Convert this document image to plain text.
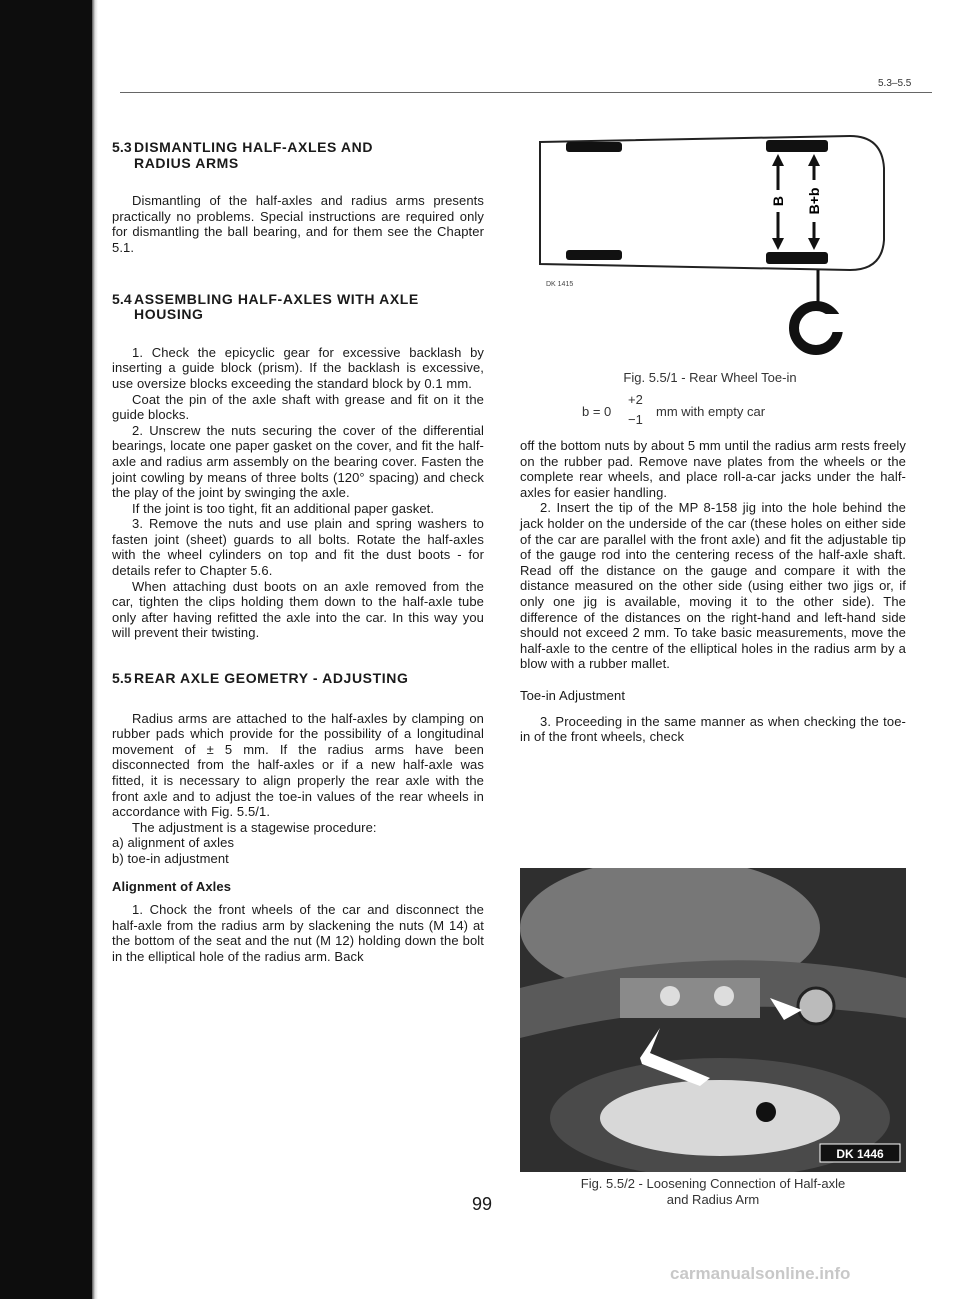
5.3–5.5
5.3 DISMANTLING HALF-AXLES AND
RADIUS ARMS

Dismantling of the half-axles and radius arms presents practically no problems. Special instructions are required only for dismantling the ball bearing, and for them see the Chapter 5.1.

5.4 ASSEMBLING HALF-AXLES WITH AXLE
HOUSING

1. Check the epicyclic gear for excessive backlash by inserting a guide block (prism). If the backlash is excessive, use oversize blocks exceeding the standard block by 0.1 mm.

Coat the pin of the axle shaft with grease and fit on it the guide blocks.

2. Unscrew the nuts securing the cover of the differential bearings, locate one paper gasket on the cover, and fit the half-axle and radius arm assembly on the bearing cover. Fasten the joint cowling by means of three bolts (120° spacing) and check the play of the joint by swinging the axle.

If the joint is too tight, fit an additional paper gasket.

3. Remove the nuts and use plain and spring washers to fasten joint (sheet) guards to all bolts. Rotate the half-axles with the wheel cylinders on top and fit the dust boots - for details refer to Chapter 5.6.

When attaching dust boots on an axle removed from the car, tighten the clips holding them down to the half-axle tube only after having refitted the axle into the car. In this way you will prevent their twisting.

5.5 REAR AXLE GEOMETRY - ADJUSTING

Radius arms are attached to the half-axles by clamping on rubber pads which provide for the possibility of a longitudinal movement of ± 5 mm. If the radius arms have been disconnected from the half-axles or if a new half-axle was fitted, it is necessary to align properly the rear axle with the front axle and to adjust the toe-in values of the rear wheels in accordance with Fig. 5.5/1.

The adjustment is a stagewise procedure:

a) alignment of axles

b) toe-in adjustment

Alignment of Axles

1. Chock the front wheels of the car and disconnect the half-axle from the radius arm by slackening the nuts (M 14) at the bottom of the seat and the nut (M 12) holding down the bolt in the elliptical hole of the radius arm. Back

B B+b
DK 1415
Fig. 5.5/1 - Rear Wheel Toe-in
b = 0
+2
−1
mm with empty car

off the bottom nuts by about 5 mm until the radius arm rests freely on the rubber pad. Remove nave plates from the wheels or the complete rear wheels, and place roll-a-car jacks under the half-axles for easier handling.

2. Insert the tip of the MP 8-158 jig into the hole behind the jack holder on the underside of the car (these holes on either side of the car are parallel with the front axle) and fit the adjustable tip of the gauge rod into the centering recess of the half-axle shaft. Read off the distance on the gauge and compare it with the distance measured on the other side (using either two jigs or, if only one jig is available, moving it to the other side). The difference of the distances on the right-hand and left-hand side should not exceed 2 mm. To take basic measurements, move the half-axle to the centre of the elliptical holes in the radius arm by a blow with a rubber mallet.

Toe-in Adjustment

3. Proceeding in the same manner as when checking the toe-in of the front wheels, check

DK 1446
Fig. 5.5/2 - Loosening Connection of Half-axle
and Radius Arm
99
carmanualsonline.info
